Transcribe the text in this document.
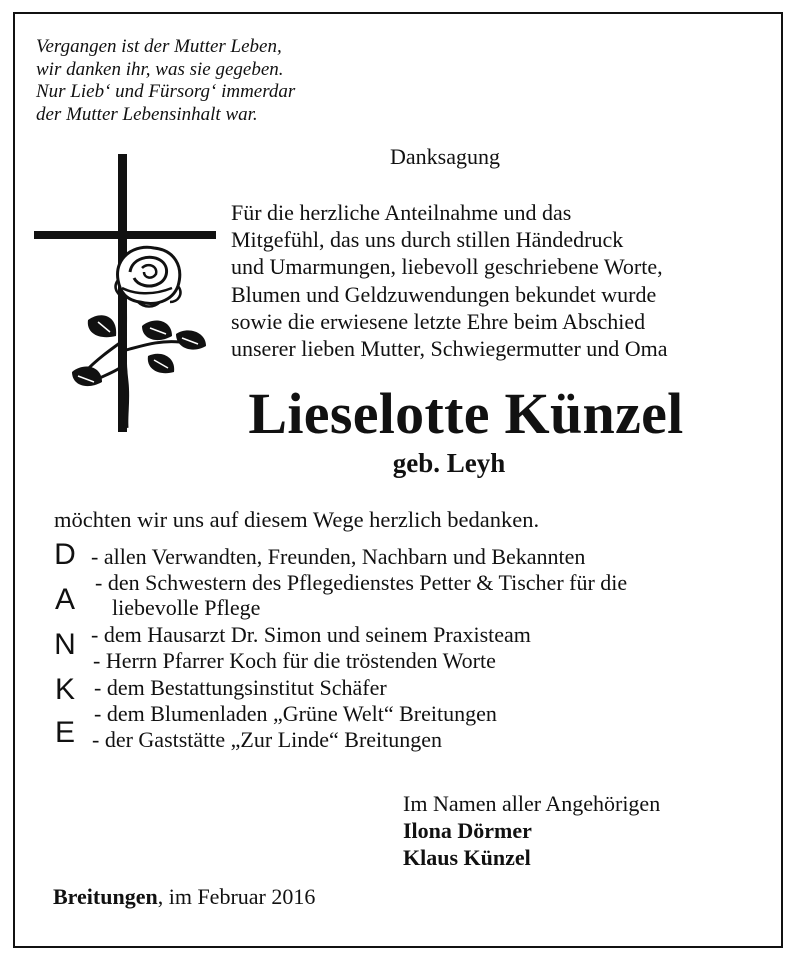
Vergangen ist der Mutter Leben,
wir danken ihr, was sie gegeben.
Nur Lieb‘ und Fürsorg‘ immerdar
der Mutter Lebensinhalt war.
Danksagung
Für die herzliche Anteilnahme und das
Mitgefühl, das uns durch stillen Händedruck
und Umarmungen, liebevoll geschriebene Worte,
Blumen und Geldzuwendungen bekundet wurde
sowie die erwiesene letzte Ehre beim Abschied
unserer lieben Mutter, Schwiegermutter und Oma
Lieselotte Künzel
geb. Leyh
möchten wir uns auf diesem Wege herzlich bedanken.
D
A
N
K
E
- allen Verwandten, Freunden, Nachbarn und Bekannten
- den Schwestern des Pflegedienstes Petter & Tischer für die
liebevolle Pflege
- dem Hausarzt Dr. Simon und seinem Praxisteam
- Herrn Pfarrer Koch für die tröstenden Worte
- dem Bestattungsinstitut Schäfer
- dem Blumenladen „Grüne Welt“ Breitungen
- der Gaststätte „Zur Linde“ Breitungen
Im Namen aller Angehörigen
Ilona Dörmer
Klaus Künzel
Breitungen, im Februar 2016
